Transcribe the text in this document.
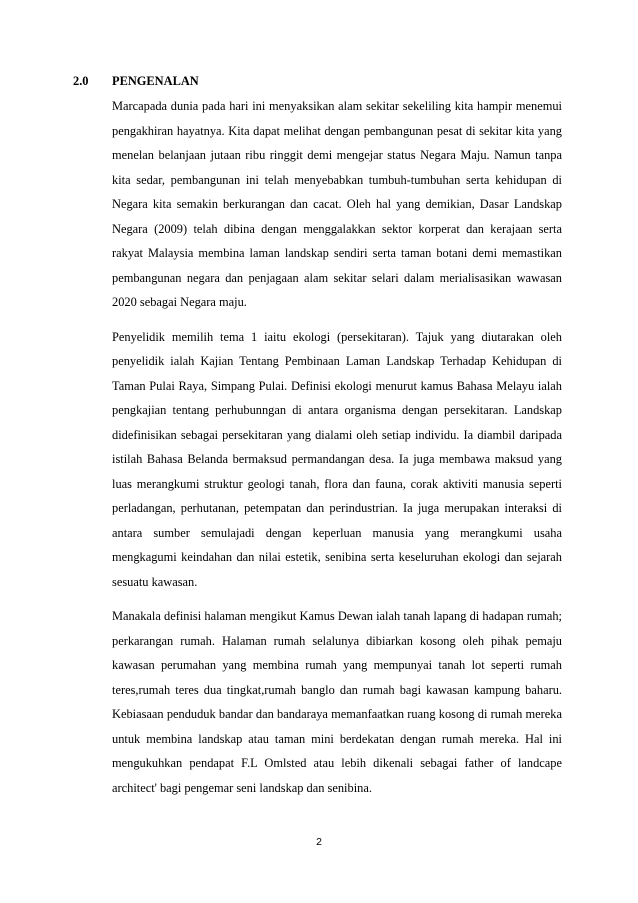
2.0 PENGENALAN

Marcapada dunia pada hari ini menyaksikan alam sekitar sekeliling kita hampir menemui pengakhiran hayatnya. Kita dapat melihat dengan pembangunan pesat di sekitar kita yang menelan belanjaan jutaan ribu ringgit demi mengejar status Negara Maju. Namun tanpa kita sedar, pembangunan ini telah menyebabkan tumbuh-tumbuhan serta kehidupan di Negara kita semakin berkurangan dan cacat. Oleh hal yang demikian, Dasar Landskap Negara (2009) telah dibina dengan menggalakkan sektor korperat dan kerajaan serta rakyat Malaysia membina laman landskap sendiri serta taman botani demi memastikan pembangunan negara dan penjagaan alam sekitar selari dalam merialisasikan wawasan 2020 sebagai Negara maju.

Penyelidik memilih tema 1 iaitu ekologi (persekitaran). Tajuk yang diutarakan oleh penyelidik ialah Kajian Tentang Pembinaan Laman Landskap Terhadap Kehidupan di Taman Pulai Raya, Simpang Pulai. Definisi ekologi menurut kamus Bahasa Melayu ialah pengkajian tentang perhubunngan di antara organisma dengan persekitaran. Landskap didefinisikan sebagai persekitaran yang dialami oleh setiap individu. Ia diambil daripada istilah Bahasa Belanda bermaksud permandangan desa. Ia juga membawa maksud yang luas merangkumi struktur geologi tanah, flora dan fauna, corak aktiviti manusia seperti perladangan, perhutanan, petempatan dan perindustrian. Ia juga merupakan interaksi di antara sumber semulajadi dengan keperluan manusia yang merangkumi usaha mengkagumi keindahan dan nilai estetik, senibina serta keseluruhan ekologi dan sejarah sesuatu kawasan.

Manakala definisi halaman mengikut Kamus Dewan ialah tanah lapang di hadapan rumah; perkarangan rumah. Halaman rumah selalunya dibiarkan kosong oleh pihak pemaju kawasan perumahan yang membina rumah yang mempunyai tanah lot seperti rumah teres,rumah teres dua tingkat,rumah banglo dan rumah bagi kawasan kampung baharu. Kebiasaan penduduk bandar dan bandaraya memanfaatkan ruang kosong di rumah mereka untuk membina landskap atau taman mini berdekatan dengan rumah mereka. Hal ini mengukuhkan pendapat F.L Omlsted atau lebih dikenali sebagai father of landcape architect' bagi pengemar seni landskap dan senibina.

2
